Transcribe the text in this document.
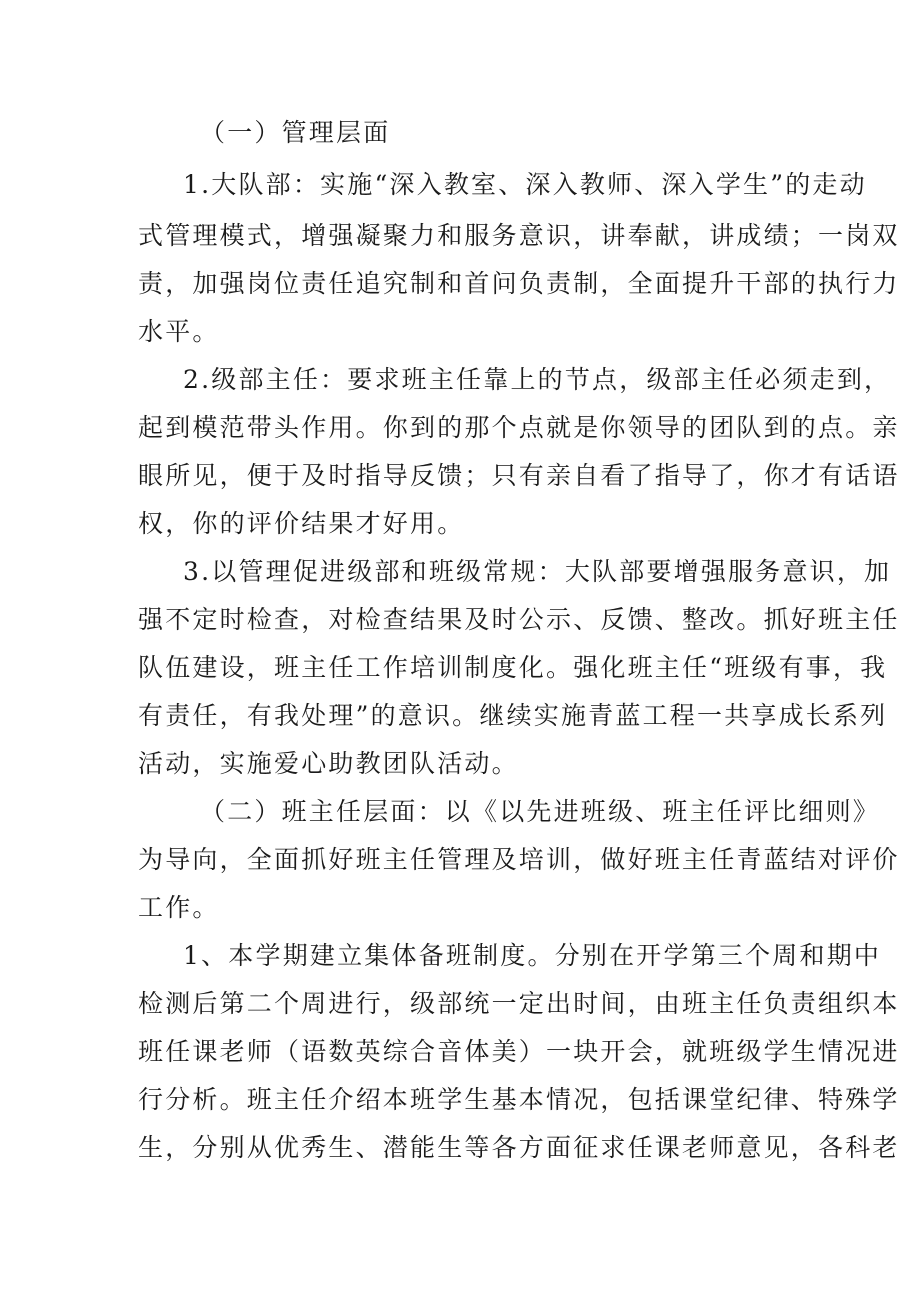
（一）管理层面
1.大队部：实施“深入教室、深入教师、深入学生”的走动
式管理模式，增强凝聚力和服务意识，讲奉献，讲成绩；一岗双
责，加强岗位责任追究制和首问负责制，全面提升干部的执行力
水平。
2.级部主任：要求班主任靠上的节点，级部主任必须走到，
起到模范带头作用。你到的那个点就是你领导的团队到的点。亲
眼所见，便于及时指导反馈；只有亲自看了指导了，你才有话语
权，你的评价结果才好用。
3.以管理促进级部和班级常规：大队部要增强服务意识，加
强不定时检查，对检查结果及时公示、反馈、整改。抓好班主任
队伍建设，班主任工作培训制度化。强化班主任“班级有事，我
有责任，有我处理”的意识。继续实施青蓝工程一共享成长系列
活动，实施爱心助教团队活动。
（二）班主任层面：以《以先进班级、班主任评比细则》
为导向，全面抓好班主任管理及培训，做好班主任青蓝结对评价
工作。
1、本学期建立集体备班制度。分别在开学第三个周和期中
检测后第二个周进行，级部统一定出时间，由班主任负责组织本
班任课老师（语数英综合音体美）一块开会，就班级学生情况进
行分析。班主任介绍本班学生基本情况，包括课堂纪律、特殊学
生，分别从优秀生、潜能生等各方面征求任课老师意见，各科老
